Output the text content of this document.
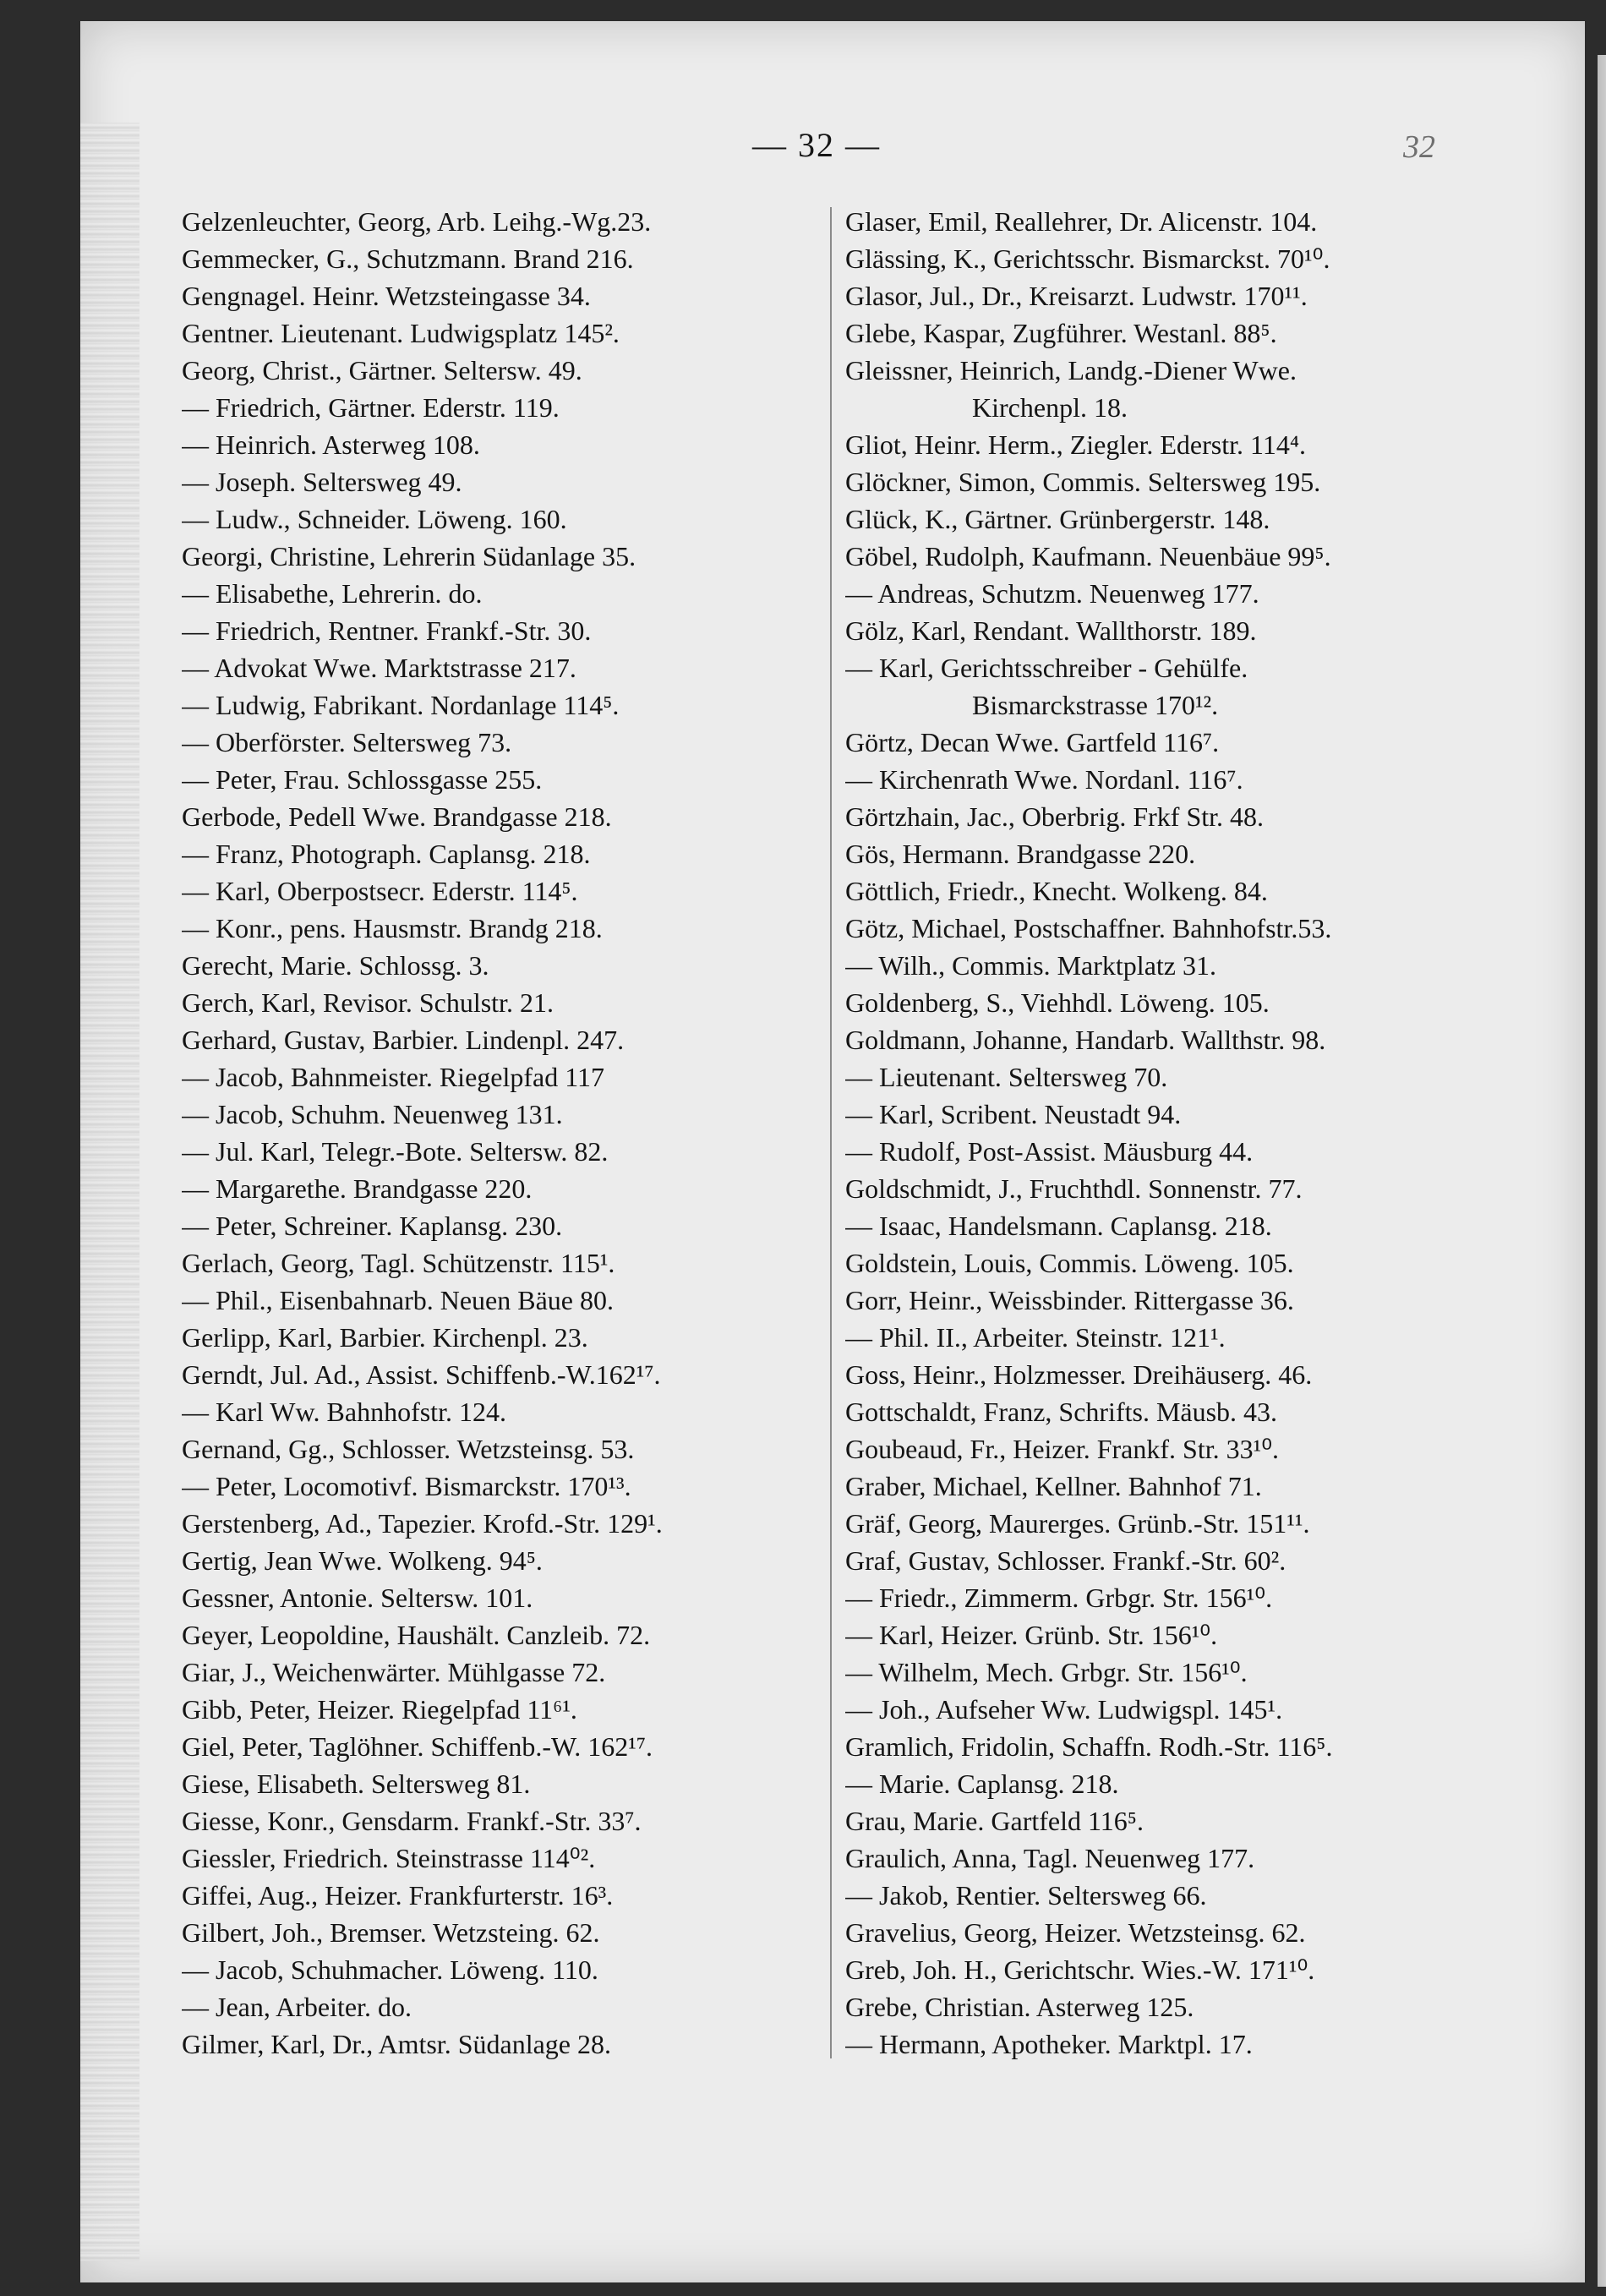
— 32 —	32
Gelzenleuchter, Georg, Arb. Leihg.-Wg.23.
Gemmecker, G., Schutzmann. Brand 216.
Gengnagel. Heinr. Wetzsteingasse 34.
Gentner. Lieutenant. Ludwigsplatz 145².
Georg, Christ., Gärtner. Seltersw. 49.
— Friedrich, Gärtner. Ederstr. 119.
— Heinrich. Asterweg 108.
— Joseph. Seltersweg 49.
— Ludw., Schneider. Löweng. 160.
Georgi, Christine, Lehrerin Südanlage 35.
— Elisabethe, Lehrerin. do.
— Friedrich, Rentner. Frankf.-Str. 30.
— Advokat Wwe. Marktstrasse 217.
— Ludwig, Fabrikant. Nordanlage 114⁵.
— Oberförster. Seltersweg 73.
— Peter, Frau. Schlossgasse 255.
Gerbode, Pedell Wwe. Brandgasse 218.
— Franz, Photograph. Caplansg. 218.
— Karl, Oberpostsecr. Ederstr. 114⁵.
— Konr., pens. Hausmstr. Brandg 218.
Gerecht, Marie. Schlossg. 3.
Gerch, Karl, Revisor. Schulstr. 21.
Gerhard, Gustav, Barbier. Lindenpl. 247.
— Jacob, Bahnmeister. Riegelpfad 117
— Jacob, Schuhm. Neuenweg 131.
— Jul. Karl, Telegr.-Bote. Seltersw. 82.
— Margarethe. Brandgasse 220.
— Peter, Schreiner. Kaplansg. 230.
Gerlach, Georg, Tagl. Schützenstr. 115¹.
— Phil., Eisenbahnarb. Neuen Bäue 80.
Gerlipp, Karl, Barbier. Kirchenpl. 23.
Gerndt, Jul. Ad., Assist. Schiffenb.-W.162¹⁷.
— Karl Ww. Bahnhofstr. 124.
Gernand, Gg., Schlosser. Wetzsteinsg. 53.
— Peter, Locomotivf. Bismarckstr. 170¹³.
Gerstenberg, Ad., Tapezier. Krofd.-Str. 129¹.
Gertig, Jean Wwe. Wolkeng. 94⁵.
Gessner, Antonie. Seltersw. 101.
Geyer, Leopoldine, Haushält. Canzleib. 72.
Giar, J., Weichenwärter. Mühlgasse 72.
Gibb, Peter, Heizer. Riegelpfad 11⁶¹.
Giel, Peter, Taglöhner. Schiffenb.-W. 162¹⁷.
Giese, Elisabeth. Seltersweg 81.
Giesse, Konr., Gensdarm. Frankf.-Str. 33⁷.
Giessler, Friedrich. Steinstrasse 114⁰².
Giffei, Aug., Heizer. Frankfurterstr. 16³.
Gilbert, Joh., Bremser. Wetzsteing. 62.
— Jacob, Schuhmacher. Löweng. 110.
— Jean, Arbeiter. do.
Gilmer, Karl, Dr., Amtsr. Südanlage 28.
Glaser, Emil, Reallehrer, Dr. Alicenstr. 104.
Glässing, K., Gerichtsschr. Bismarckst. 70¹⁰.
Glasor, Jul., Dr., Kreisarzt. Ludwstr. 170¹¹.
Glebe, Kaspar, Zugführer. Westanl. 88⁵.
Gleissner, Heinrich, Landg.-Diener Wwe.
Kirchenpl. 18.
Gliot, Heinr. Herm., Ziegler. Ederstr. 114⁴.
Glöckner, Simon, Commis. Seltersweg 195.
Glück, K., Gärtner. Grünbergerstr. 148.
Göbel, Rudolph, Kaufmann. Neuenbäue 99⁵.
— Andreas, Schutzm. Neuenweg 177.
Gölz, Karl, Rendant. Wallthorstr. 189.
— Karl, Gerichtsschreiber - Gehülfe.
Bismarckstrasse 170¹².
Görtz, Decan Wwe. Gartfeld 116⁷.
— Kirchenrath Wwe. Nordanl. 116⁷.
Görtzhain, Jac., Oberbrig. Frkf Str. 48.
Gös, Hermann. Brandgasse 220.
Göttlich, Friedr., Knecht. Wolkeng. 84.
Götz, Michael, Postschaffner. Bahnhofstr.53.
— Wilh., Commis. Marktplatz 31.
Goldenberg, S., Viehhdl. Löweng. 105.
Goldmann, Johanne, Handarb. Wallthstr. 98.
— Lieutenant. Seltersweg 70.
— Karl, Scribent. Neustadt 94.
— Rudolf, Post-Assist. Mäusburg 44.
Goldschmidt, J., Fruchthdl. Sonnenstr. 77.
— Isaac, Handelsmann. Caplansg. 218.
Goldstein, Louis, Commis. Löweng. 105.
Gorr, Heinr., Weissbinder. Rittergasse 36.
— Phil. II., Arbeiter. Steinstr. 121¹.
Goss, Heinr., Holzmesser. Dreihäuserg. 46.
Gottschaldt, Franz, Schrifts. Mäusb. 43.
Goubeaud, Fr., Heizer. Frankf. Str. 33¹⁰.
Graber, Michael, Kellner. Bahnhof 71.
Gräf, Georg, Maurerges. Grünb.-Str. 151¹¹.
Graf, Gustav, Schlosser. Frankf.-Str. 60².
— Friedr., Zimmerm. Grbgr. Str. 156¹⁰.
— Karl, Heizer. Grünb. Str. 156¹⁰.
— Wilhelm, Mech. Grbgr. Str. 156¹⁰.
— Joh., Aufseher Ww. Ludwigspl. 145¹.
Gramlich, Fridolin, Schaffn. Rodh.-Str. 116⁵.
— Marie. Caplansg. 218.
Grau, Marie. Gartfeld 116⁵.
Graulich, Anna, Tagl. Neuenweg 177.
— Jakob, Rentier. Seltersweg 66.
Gravelius, Georg, Heizer. Wetzsteinsg. 62.
Greb, Joh. H., Gerichtschr. Wies.-W. 171¹⁰.
Grebe, Christian. Asterweg 125.
— Hermann, Apotheker. Marktpl. 17.
